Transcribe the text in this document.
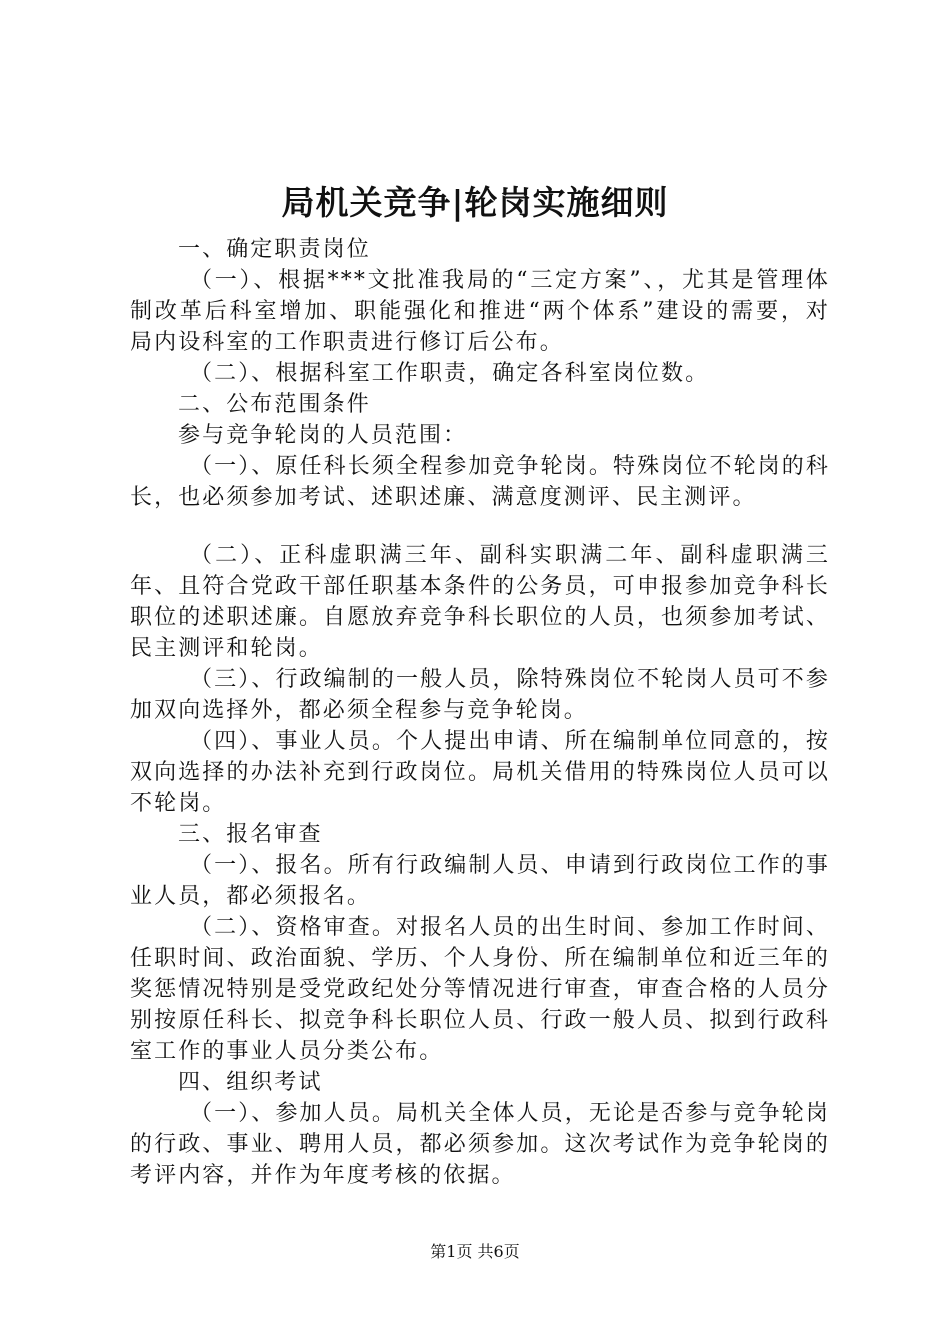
局机关竞争|轮岗实施细则

一、确定职责岗位

（一）、根据***文批准我局的“三定方案”、，尤其是管理体制改革后科室增加、职能强化和推进“两个体系”建设的需要，对局内设科室的工作职责进行修订后公布。

（二）、根据科室工作职责，确定各科室岗位数。

二、公布范围条件

参与竞争轮岗的人员范围：

（一）、原任科长须全程参加竞争轮岗。特殊岗位不轮岗的科长，也必须参加考试、述职述廉、满意度测评、民主测评。

（二）、正科虚职满三年、副科实职满二年、副科虚职满三年、且符合党政干部任职基本条件的公务员，可申报参加竞争科长职位的述职述廉。自愿放弃竞争科长职位的人员，也须参加考试、民主测评和轮岗。

（三）、行政编制的一般人员，除特殊岗位不轮岗人员可不参加双向选择外，都必须全程参与竞争轮岗。

（四）、事业人员。个人提出申请、所在编制单位同意的，按双向选择的办法补充到行政岗位。局机关借用的特殊岗位人员可以不轮岗。

三、报名审查

（一）、报名。所有行政编制人员、申请到行政岗位工作的事业人员，都必须报名。

（二）、资格审查。对报名人员的出生时间、参加工作时间、任职时间、政治面貌、学历、个人身份、所在编制单位和近三年的奖惩情况特别是受党政纪处分等情况进行审查，审查合格的人员分别按原任科长、拟竞争科长职位人员、行政一般人员、拟到行政科室工作的事业人员分类公布。

四、组织考试

（一）、参加人员。局机关全体人员，无论是否参与竞争轮岗的行政、事业、聘用人员，都必须参加。这次考试作为竞争轮岗的考评内容，并作为年度考核的依据。

第1页 共6页
